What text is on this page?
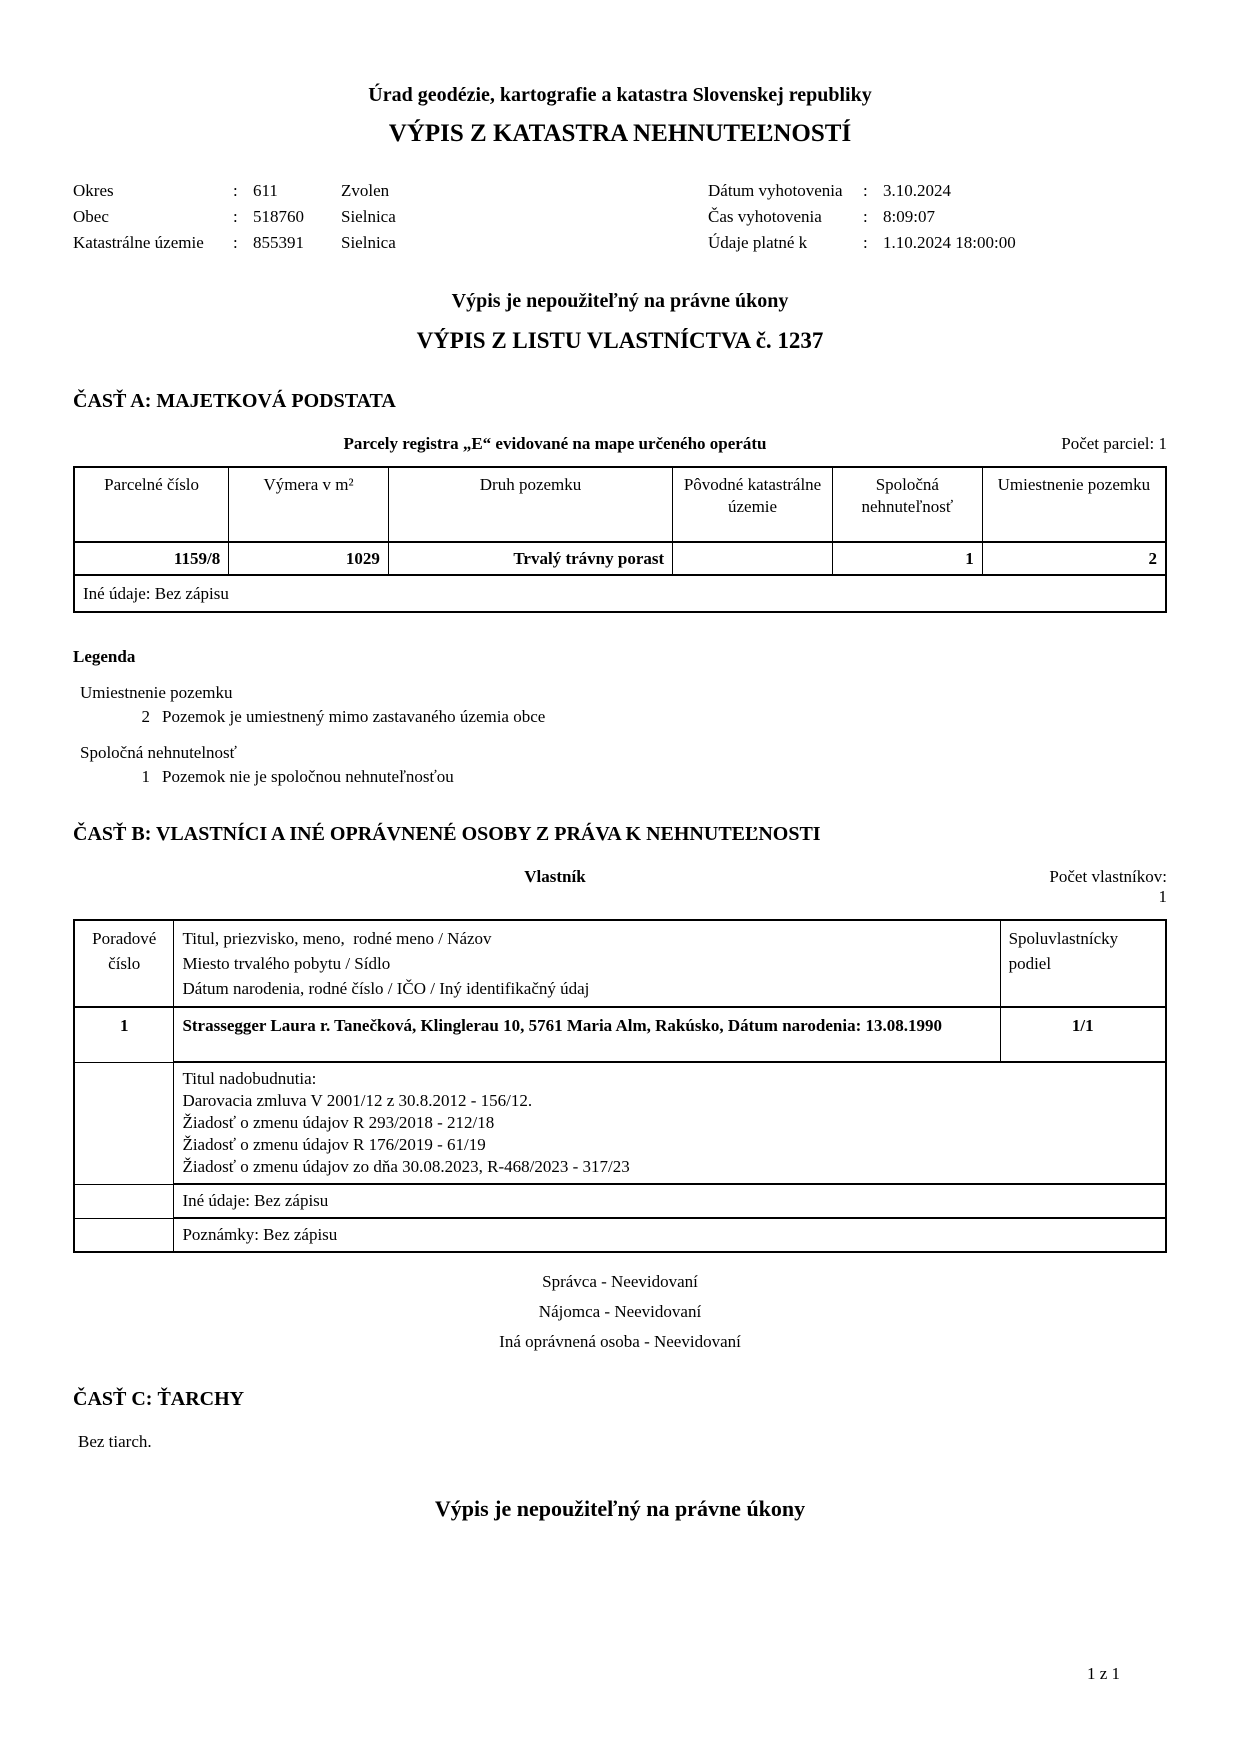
Úrad geodézie, kartografie a katastra Slovenskej republiky
VÝPIS Z KATASTRA NEHNUTEĽNOSTÍ
Okres	: 611	Zvolen
Obec	: 518760	Sielnica
Katastrálne územie	: 855391	Sielnica
Dátum vyhotovenia	: 3.10.2024
Čas vyhotovenia	: 8:09:07
Údaje platné k	: 1.10.2024 18:00:00
Výpis je nepoužiteľný na právne úkony
VÝPIS Z LISTU VLASTNÍCTVA č. 1237
ČASŤ A: MAJETKOVÁ PODSTATA
Parcely registra „E“ evidované na mape určeného operátu	Počet parciel: 1
Parcelné číslo	Výmera v m²	Druh pozemku	Pôvodné katastrálne územie	Spoločná nehnuteľnosť	Umiestnenie pozemku
1159/8	1029	Trvalý trávny porast		1	2
Iné údaje: Bez zápisu					
Legenda
Umiestnenie pozemku
2 Pozemok je umiestnený mimo zastavaného územia obce
Spoločná nehnutelnosť
1 Pozemok nie je spoločnou nehnuteľnosťou
ČASŤ B: VLASTNÍCI A INÉ OPRÁVNENÉ OSOBY Z PRÁVA K NEHNUTEĽNOSTI
Vlastník	Počet vlastníkov: 1
Poradové číslo	Titul, priezvisko, meno,  rodné meno / Názov
Miesto trvalého pobytu / Sídlo
Dátum narodenia, rodné číslo / IČO / Iný identifikačný údaj	Spoluvlastnícky podiel
1	Strassegger Laura r. Tanečková, Klinglerau 10, 5761 Maria Alm, Rakúsko, Dátum narodenia: 13.08.1990	1/1

	Titul nadobudnutia:
Darovacia zmluva V 2001/12 z 30.8.2012 - 156/12.
Žiadosť o zmenu údajov R 293/2018 - 212/18
Žiadosť o zmenu údajov R 176/2019 - 61/19
Žiadosť o zmenu údajov zo dňa 30.08.2023, R-468/2023 - 317/23	

	Iné údaje: Bez zápisu	
	Poznámky: Bez zápisu	
Správca - Neevidovaní
Nájomca - Neevidovaní
Iná oprávnená osoba - Neevidovaní
ČASŤ C: ŤARCHY
Bez tiarch.
Výpis je nepoužiteľný na právne úkony
1 z 1
